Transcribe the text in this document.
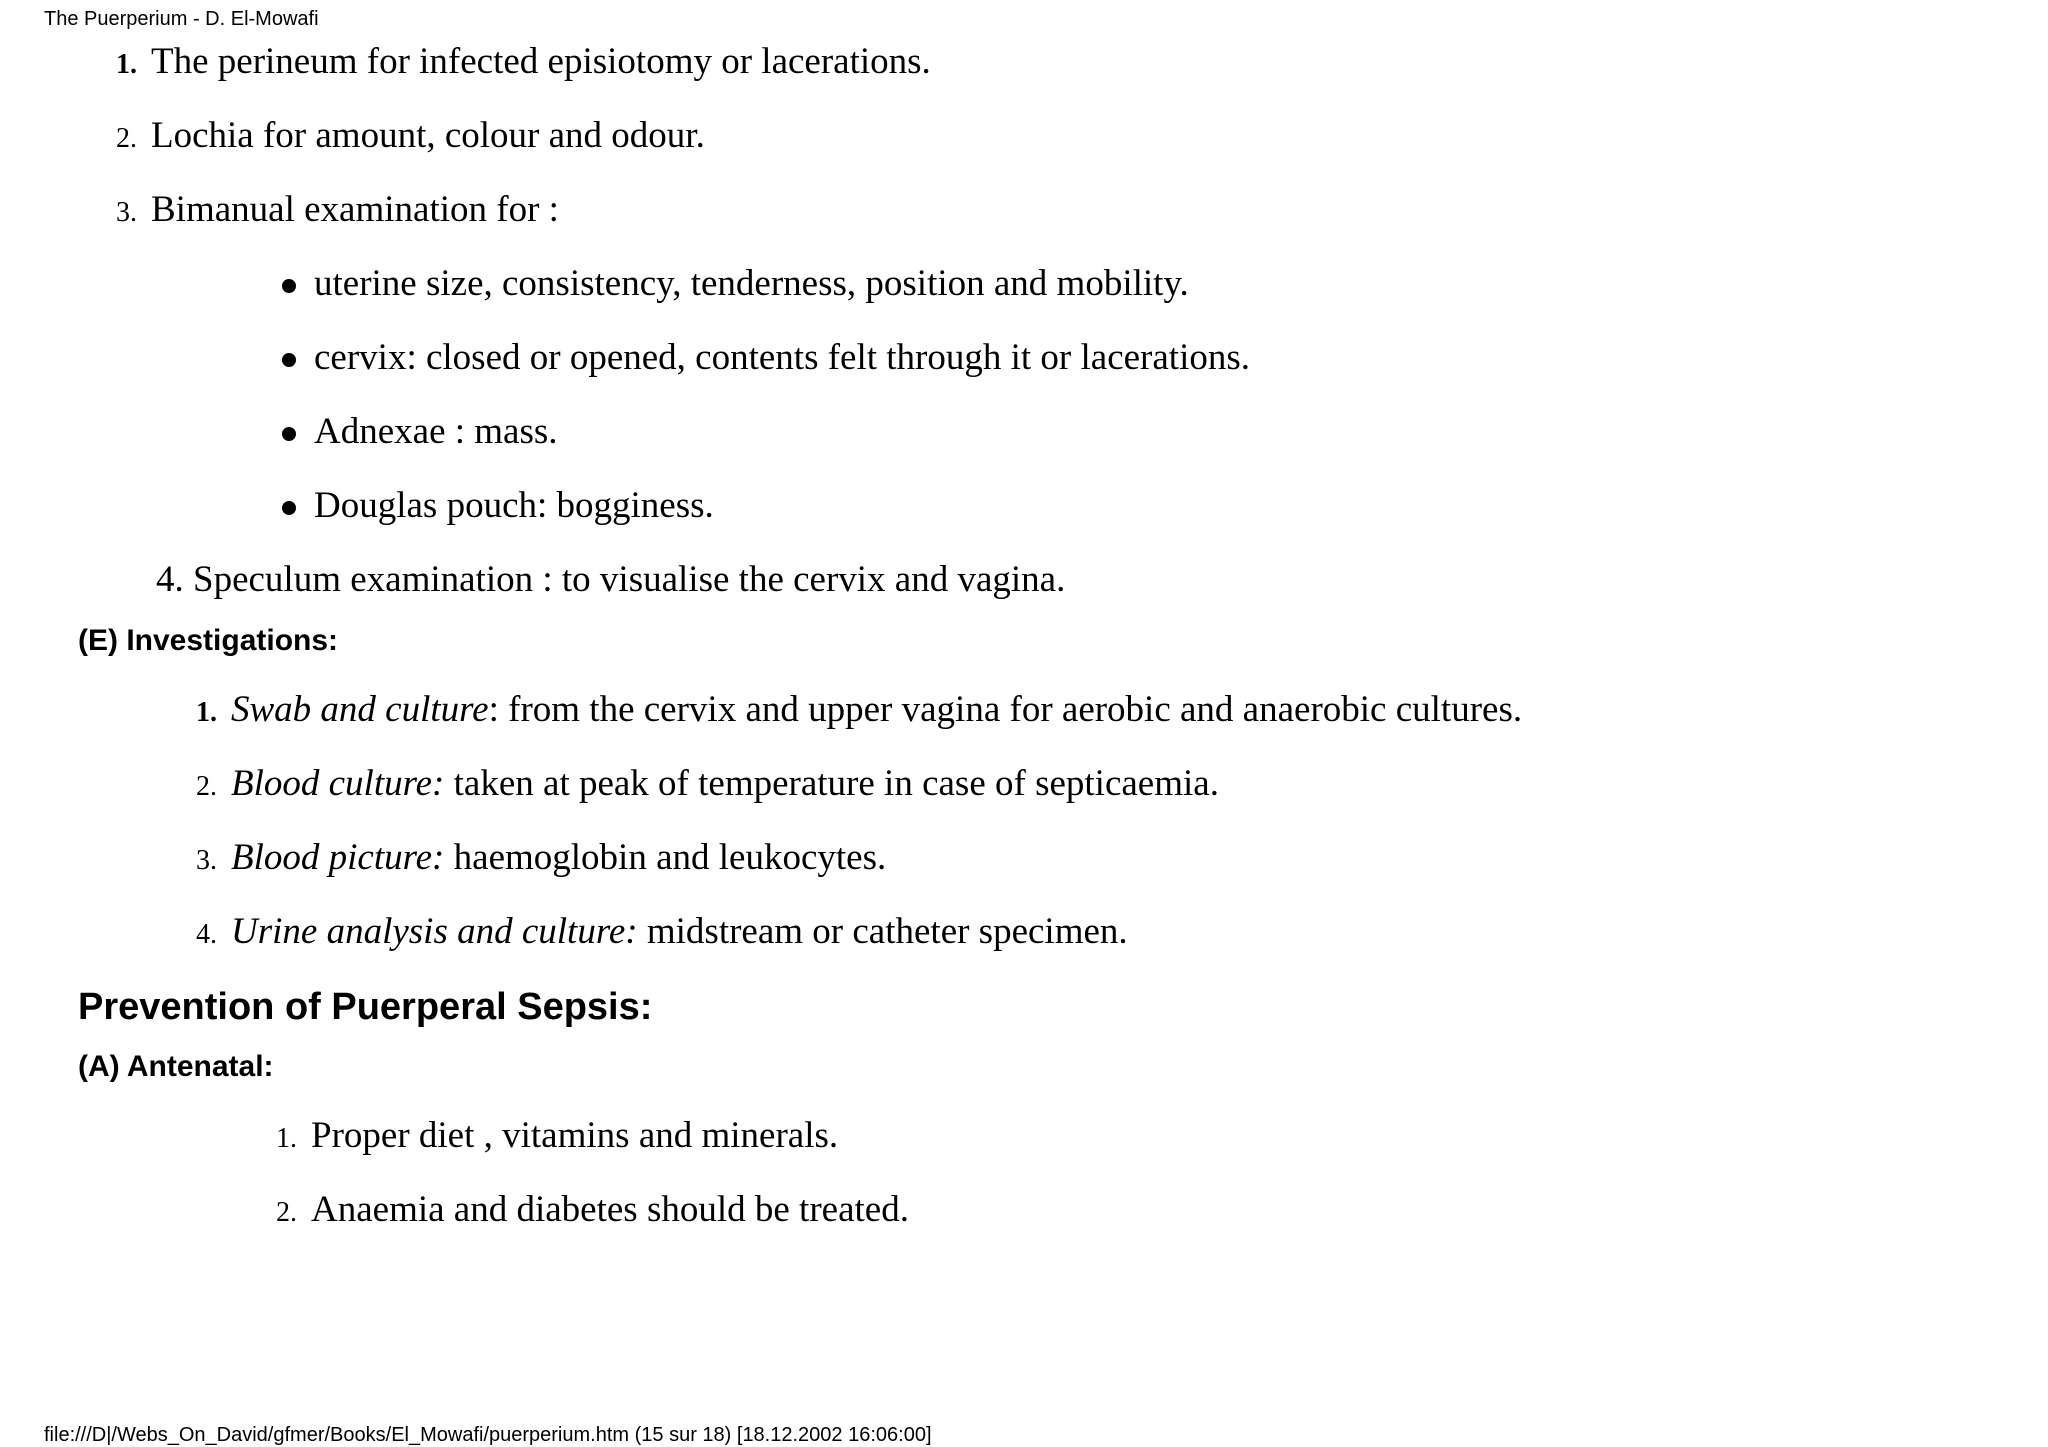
The Puerperium - D. El-Mowafi
1. The perineum for infected episiotomy or lacerations.
2. Lochia for amount, colour and odour.
3. Bimanual examination for :
uterine size, consistency, tenderness, position and mobility.
cervix: closed or opened, contents felt through it or lacerations.
Adnexae : mass.
Douglas pouch: bogginess.
4. Speculum examination : to visualise the cervix and vagina.
(E) Investigations:
1. Swab and culture: from the cervix and upper vagina for aerobic and anaerobic cultures.
2. Blood culture: taken at peak of temperature in case of septicaemia.
3. Blood picture: haemoglobin and leukocytes.
4. Urine analysis and culture: midstream or catheter specimen.
Prevention of Puerperal Sepsis:
(A) Antenatal:
1. Proper diet , vitamins and minerals.
2. Anaemia and diabetes should be treated.
file:///D|/Webs_On_David/gfmer/Books/El_Mowafi/puerperium.htm (15 sur 18) [18.12.2002 16:06:00]
